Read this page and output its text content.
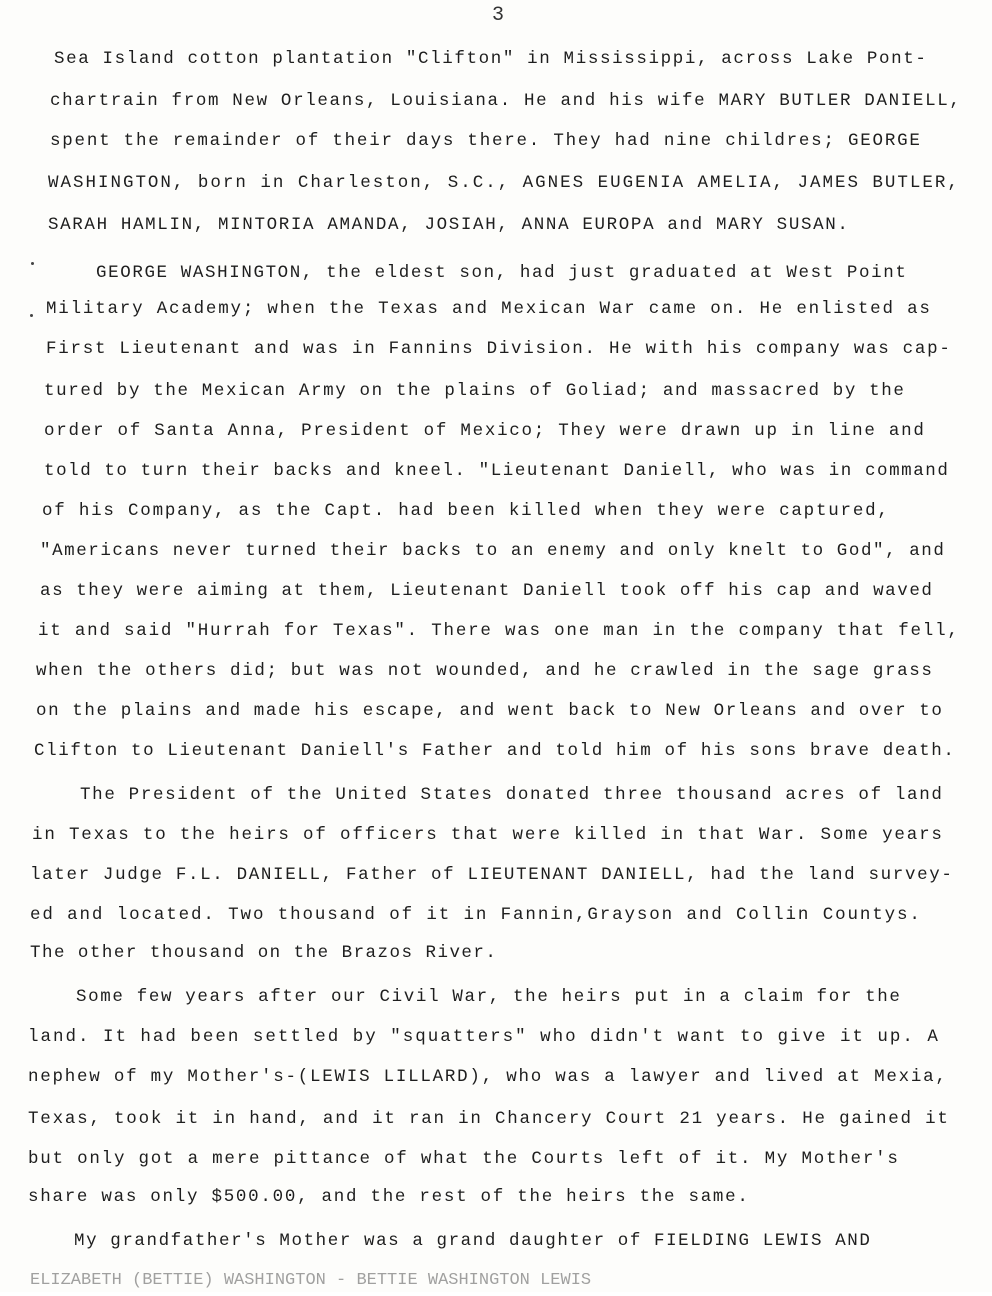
3
Sea Island cotton plantation "Clifton" in Mississippi, across Lake Pont-
chartrain from New Orleans, Louisiana. He and his wife MARY BUTLER DANIELL,
spent the remainder of their days there. They had nine childres; GEORGE
WASHINGTON, born in Charleston, S.C., AGNES EUGENIA AMELIA, JAMES BUTLER,
SARAH HAMLIN, MINTORIA AMANDA, JOSIAH, ANNA EUROPA and MARY SUSAN.
GEORGE WASHINGTON, the eldest son, had just graduated at West Point
Military Academy; when the Texas and Mexican War came on. He enlisted as
First Lieutenant and was in Fannins Division. He with his company was cap-
tured by the Mexican Army on the plains of Goliad; and massacred by the
order of Santa Anna, President of Mexico; They were drawn up in line and
told to turn their backs and kneel. "Lieutenant Daniell, who was in command
of his Company, as the Capt. had been killed when they were captured,
"Americans never turned their backs to an enemy and only knelt to God", and
as they were aiming at them, Lieutenant Daniell took off his cap and waved
it and said "Hurrah for Texas". There was one man in the company that fell,
when the others did; but was not wounded, and he crawled in the sage grass
on the plains and made his escape, and went back to New Orleans and over to
Clifton to Lieutenant Daniell's Father and told him of his sons brave death.
The President of the United States donated three thousand acres of land
in Texas to the heirs of officers that were killed in that War. Some years
later Judge F.L. DANIELL, Father of LIEUTENANT DANIELL, had the land survey-
ed and located. Two thousand of it in Fannin,Grayson and Collin Countys.
The other thousand on the Brazos River.
Some few years after our Civil War, the heirs put in a claim for the
land. It had been settled by "squatters" who didn't want to give it up. A
nephew of my Mother's-(LEWIS LILLARD), who was a lawyer and lived at Mexia,
Texas, took it in hand, and it ran in Chancery Court 21 years. He gained it
but only got a mere pittance of what the Courts left of it. My Mother's
share was only $500.00, and the rest of the heirs the same.
My grandfather's Mother was a grand daughter of FIELDING LEWIS AND
ELIZABETH (BETTIE) WASHINGTON - BETTIE WASHINGTON LEWIS
